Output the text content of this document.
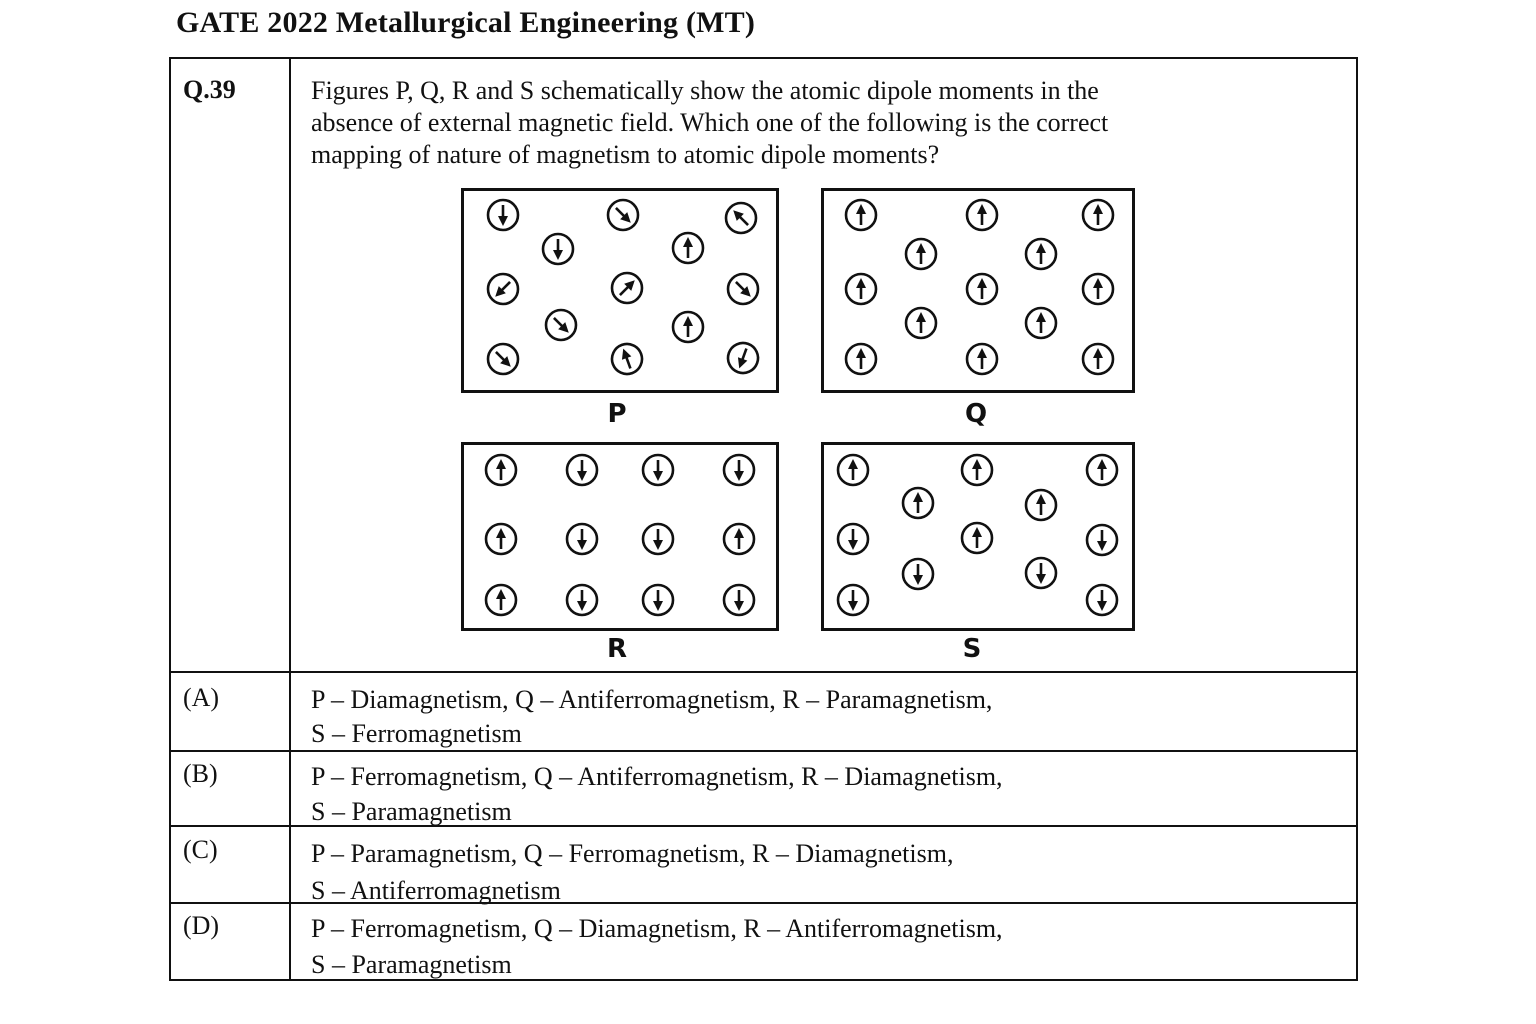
GATE 2022 Metallurgical Engineering (MT)
Q.39	Figures P, Q, R and S schematically show the atomic dipole moments in the
absence of external magnetic field. Which one of the following is the correct
mapping of nature of magnetism to atomic dipole moments?
P	Q
R	S
(A)	P – Diamagnetism, Q – Antiferromagnetism, R – Paramagnetism,
S – Ferromagnetism
(B)	P – Ferromagnetism, Q – Antiferromagnetism, R – Diamagnetism,
S – Paramagnetism
(C)	P – Paramagnetism, Q – Ferromagnetism, R – Diamagnetism,
S – Antiferromagnetism
(D)	P – Ferromagnetism, Q – Diamagnetism, R – Antiferromagnetism,
S – Paramagnetism
